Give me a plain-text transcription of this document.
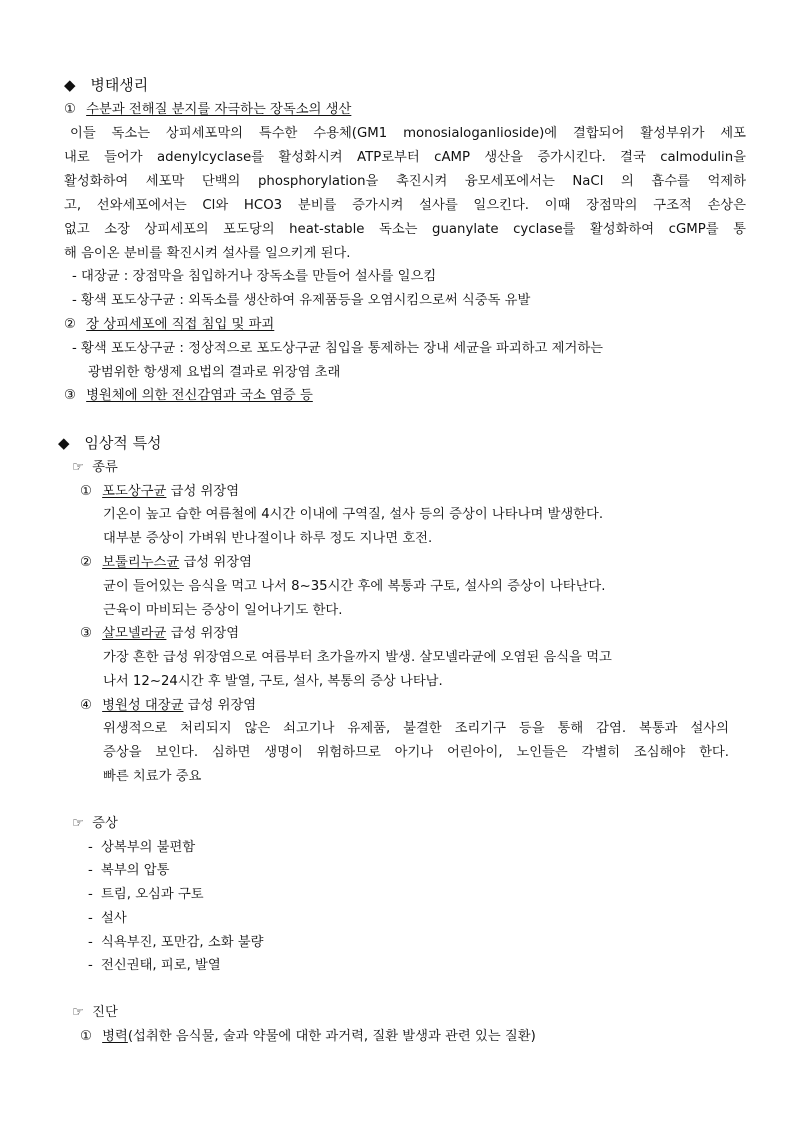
◆ 병태생리
① 수분과 전해질 분지를 자극하는 장독소의 생산
이들 독소는 상피세포막의 특수한 수용체(GM1 monosialoganlioside)에 결합되어 활성부위가 세포
내로 들어가 adenylcyclase를 활성화시켜 ATP로부터 cAMP 생산을 증가시킨다. 결국 calmodulin을
활성화하여 세포막 단백의 phosphorylation을 촉진시켜 융모세포에서는 NaCl 의 흡수를 억제하
고, 선와세포에서는 Cl와 HCO3 분비를 증가시켜 설사를 일으킨다. 이때 장점막의 구조적 손상은
없고 소장 상피세포의 포도당의 heat-stable 독소는 guanylate cyclase를 활성화하여 cGMP를 통
해 음이온 분비를 확진시켜 설사를 일으키게 된다.
- 대장균 : 장점막을 침입하거나 장독소를 만들어 설사를 일으킴
- 황색 포도상구균 : 외독소를 생산하여 유제품등을 오염시킴으로써 식중독 유발
② 장 상피세포에 직접 침입 및 파괴
- 황색 포도상구균 : 정상적으로 포도상구균 침입을 통제하는 장내 세균을 파괴하고 제거하는
광범위한 항생제 요법의 결과로 위장염 초래
③ 병원체에 의한 전신감염과 국소 염증 등
◆ 임상적 특성
☞ 종류
① 포도상구균 급성 위장염
기온이 높고 습한 여름철에 4시간 이내에 구역질, 설사 등의 증상이 나타나며 발생한다.
대부분 증상이 가벼워 반나절이나 하루 정도 지나면 호전.
② 보툴리누스균 급성 위장염
균이 들어있는 음식을 먹고 나서 8~35시간 후에 복통과 구토, 설사의 증상이 나타난다.
근육이 마비되는 증상이 일어나기도 한다.
③ 살모넬라균 급성 위장염
가장 흔한 급성 위장염으로 여름부터 초가을까지 발생. 살모넬라균에 오염된 음식을 먹고
나서 12~24시간 후 발열, 구토, 설사, 복통의 증상 나타남.
④ 병원성 대장균 급성 위장염
위생적으로 처리되지 않은 쇠고기나 유제품, 불결한 조리기구 등을 통해 감염. 복통과 설사의
증상을 보인다. 심하면 생명이 위험하므로 아기나 어린아이, 노인들은 각별히 조심해야 한다.
빠른 치료가 중요
☞ 증상
- 상복부의 불편함
- 복부의 압통
- 트림, 오심과 구토
- 설사
- 식욕부진, 포만감, 소화 불량
- 전신권태, 피로, 발열
☞ 진단
① 병력(섭취한 음식물, 술과 약물에 대한 과거력, 질환 발생과 관련 있는 질환)
